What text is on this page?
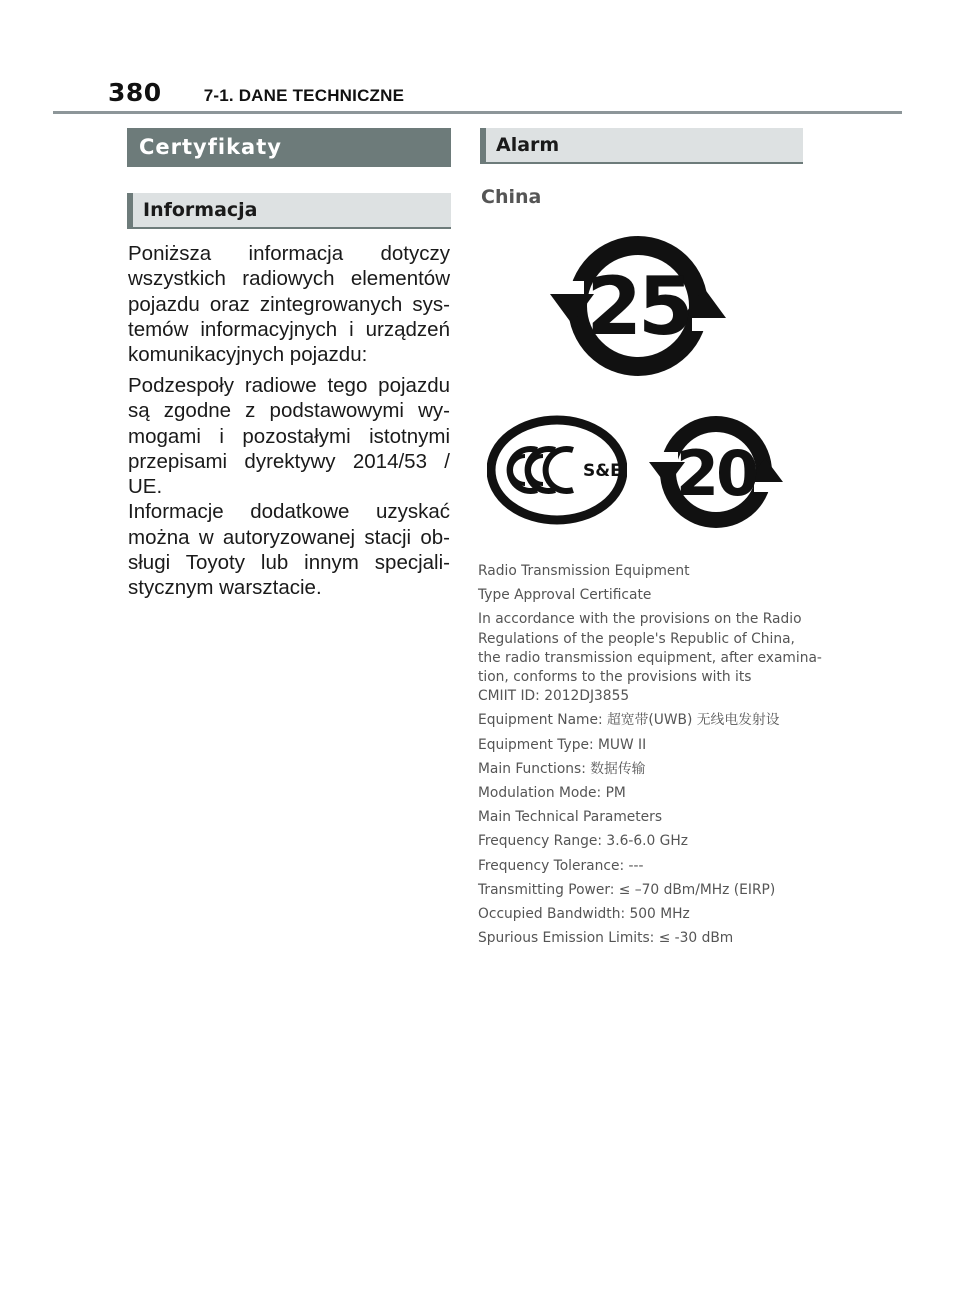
380 7-1. DANE TECHNICZNE
Certyfikaty
Informacja

Poniższa informacja dotyczy
wszystkich radiowych elementów
pojazdu oraz zintegrowanych sys-
temów informacyjnych i urządzeń
komunikacyjnych pojazdu:

Podzespoły radiowe tego pojazdu
są zgodne z podstawowymi wy-
mogami i pozostałymi istotnymi
przepisami dyrektywy 2014/53 / UE.
Informacje dodatkowe uzyskać
można w autoryzowanej stacji ob-
sługi Toyoty lub innym specjali-
stycznym warsztacie.

Alarm
China
25
S&E 20
Radio Transmission Equipment
Type Approval Certificate
In accordance with the provisions on the Radio
Regulations of the people's Republic of China,
the radio transmission equipment, after examina-
tion, conforms to the provisions with its
CMIIT ID: 2012DJ3855
Equipment Name: 超宽带(UWB) 无线电发射设
Equipment Type: MUW II
Main Functions: 数据传输
Modulation Mode: PM
Main Technical Parameters
Frequency Range: 3.6-6.0 GHz
Frequency Tolerance: ---
Transmitting Power: ≤ –70 dBm/MHz (EIRP)
Occupied Bandwidth: 500 MHz
Spurious Emission Limits: ≤ -30 dBm
